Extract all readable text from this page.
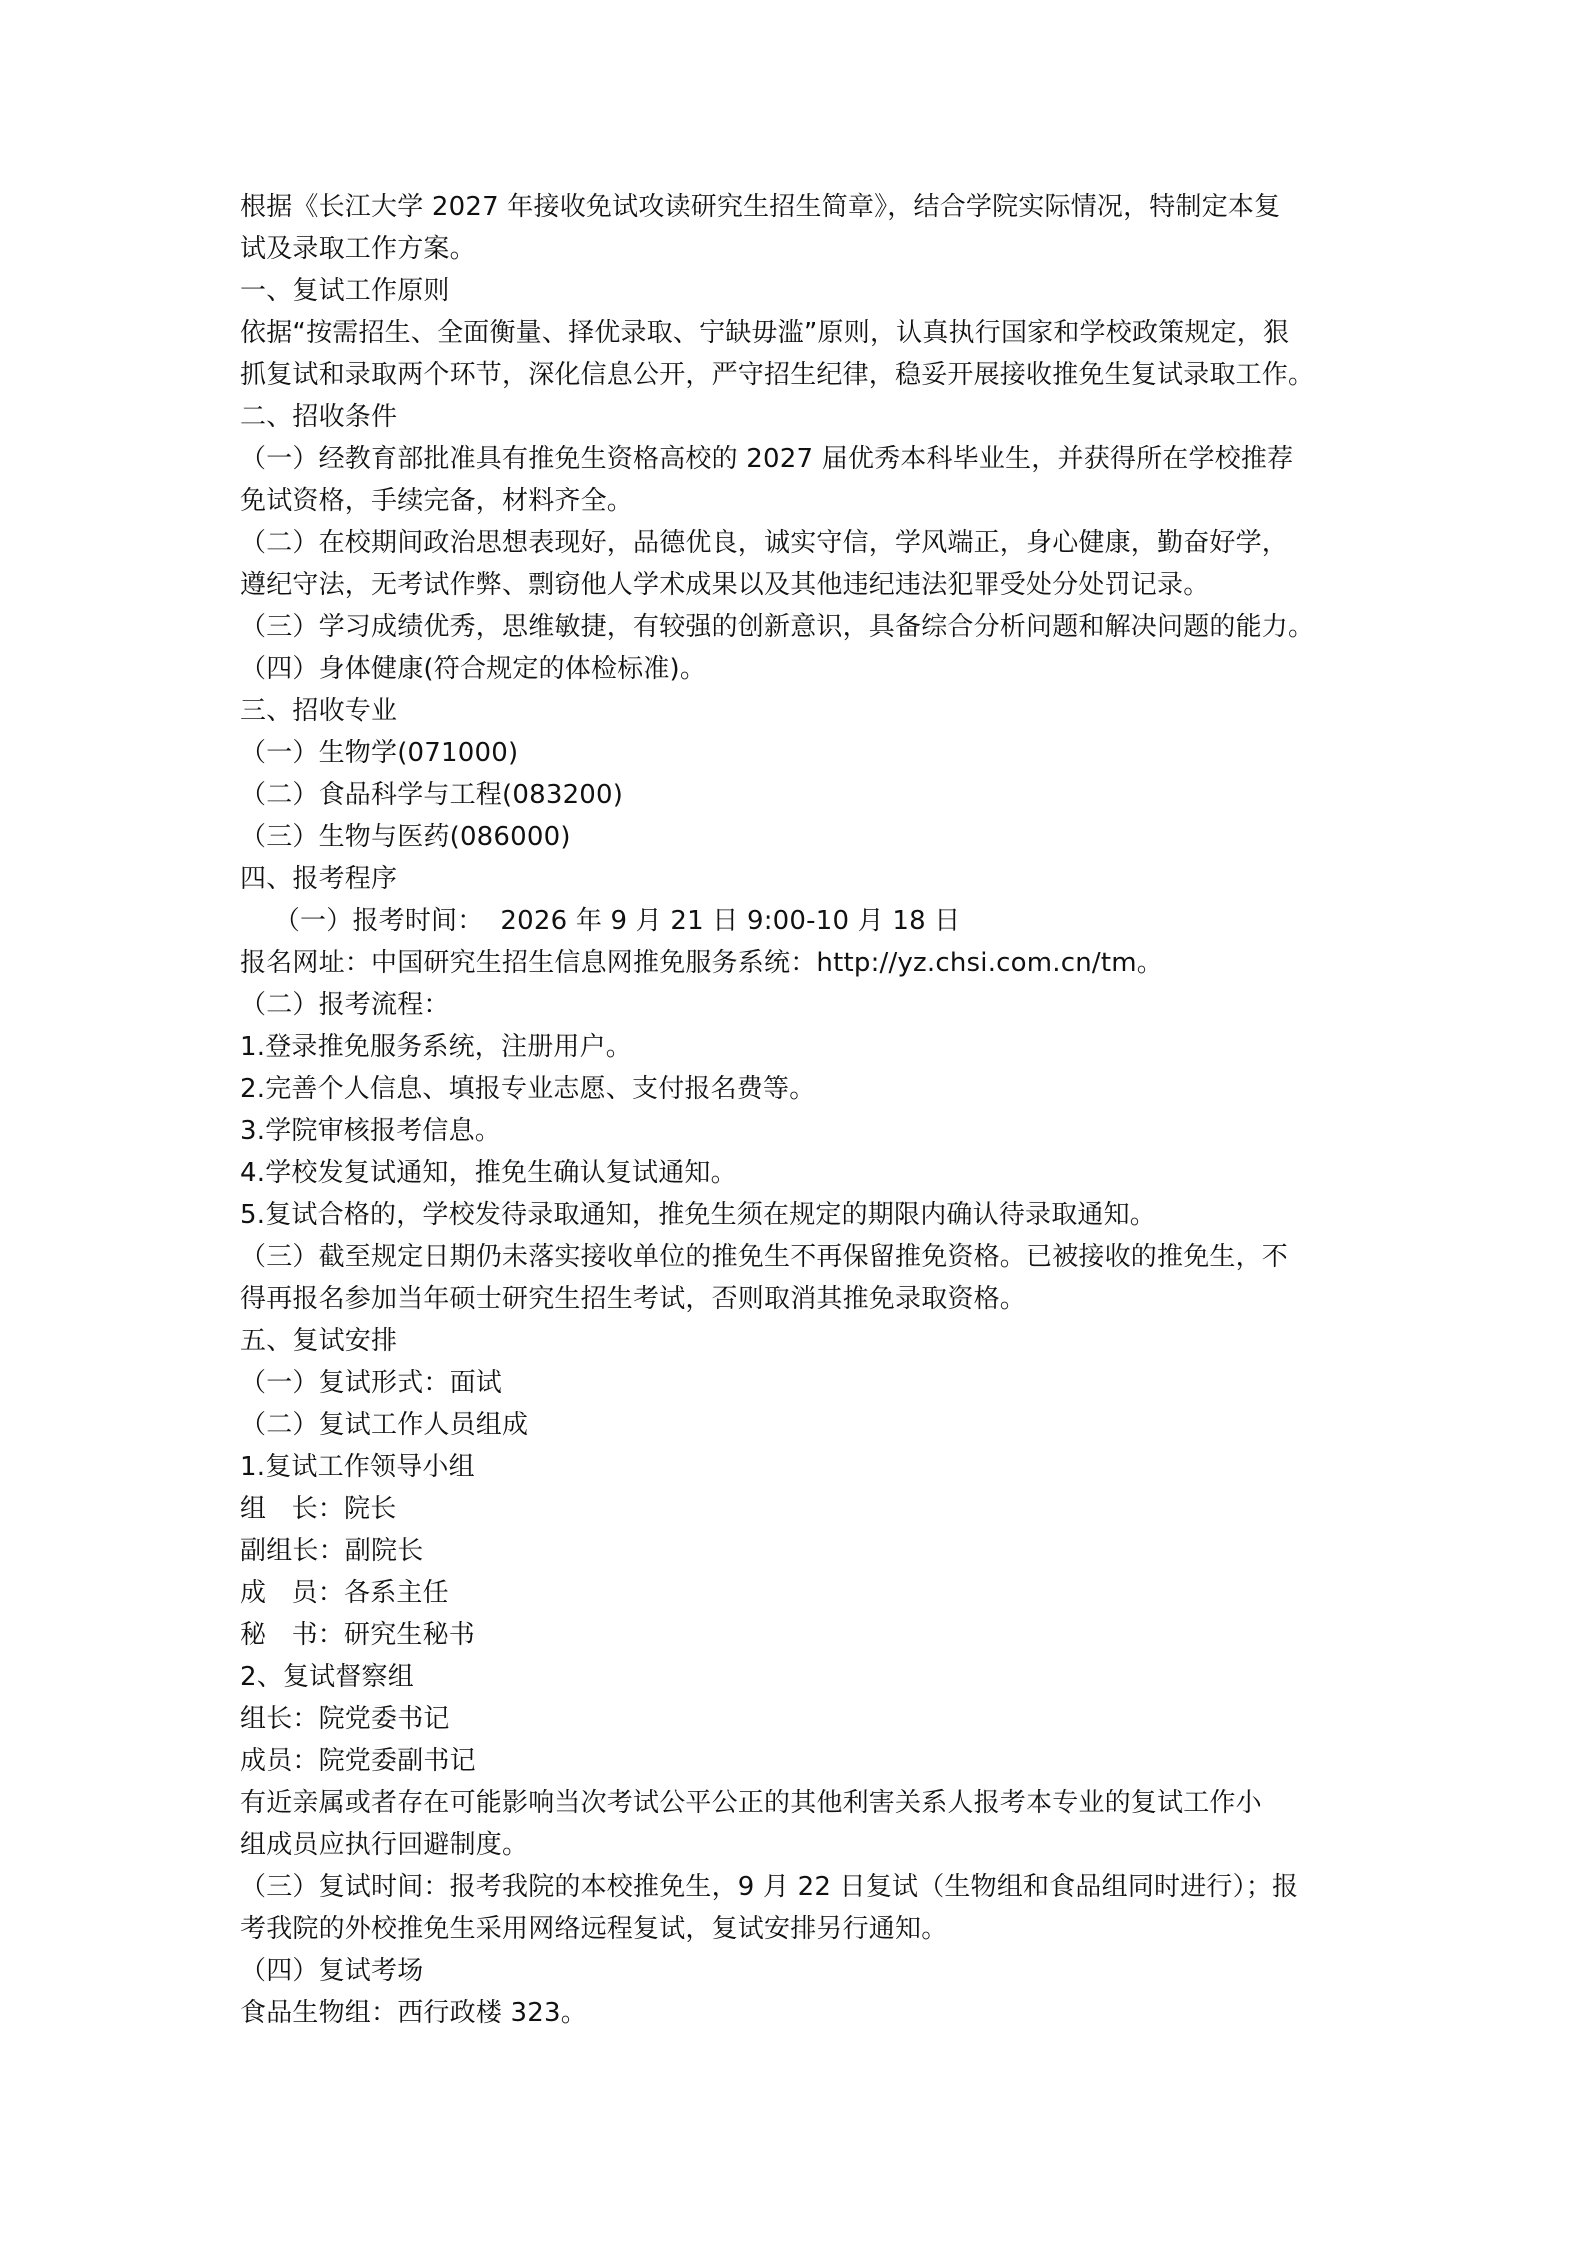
根据《长江大学 2027 年接收免试攻读研究生招生简章》，结合学院实际情况，特制定本复
试及录取工作方案。
一、复试工作原则
依据“按需招生、全面衡量、择优录取、宁缺毋滥”原则，认真执行国家和学校政策规定，狠
抓复试和录取两个环节，深化信息公开，严守招生纪律，稳妥开展接收推免生复试录取工作。
二、招收条件
（一）经教育部批准具有推免生资格高校的 2027 届优秀本科毕业生，并获得所在学校推荐
免试资格，手续完备，材料齐全。
（二）在校期间政治思想表现好，品德优良，诚实守信，学风端正，身心健康，勤奋好学，
遵纪守法，无考试作弊、剽窃他人学术成果以及其他违纪违法犯罪受处分处罚记录。
（三）学习成绩优秀，思维敏捷，有较强的创新意识，具备综合分析问题和解决问题的能力。
（四）身体健康(符合规定的体检标准)。
三、招收专业
（一）生物学(071000)
（二）食品科学与工程(083200)
（三）生物与医药(086000)
四、报考程序
（一）报考时间：  2026 年 9 月 21 日 9:00-10 月 18 日
报名网址：中国研究生招生信息网推免服务系统：http://yz.chsi.com.cn/tm。
（二）报考流程：
1.登录推免服务系统，注册用户。
2.完善个人信息、填报专业志愿、支付报名费等。
3.学院审核报考信息。
4.学校发复试通知，推免生确认复试通知。
5.复试合格的，学校发待录取通知，推免生须在规定的期限内确认待录取通知。
（三）截至规定日期仍未落实接收单位的推免生不再保留推免资格。已被接收的推免生，不
得再报名参加当年硕士研究生招生考试，否则取消其推免录取资格。
五、复试安排
（一）复试形式：面试
（二）复试工作人员组成
1.复试工作领导小组
组   长：院长
副组长：副院长
成   员：各系主任
秘   书：研究生秘书
2、复试督察组
组长：院党委书记
成员：院党委副书记
有近亲属或者存在可能影响当次考试公平公正的其他利害关系人报考本专业的复试工作小
组成员应执行回避制度。
（三）复试时间：报考我院的本校推免生，9 月 22 日复试（生物组和食品组同时进行）；报
考我院的外校推免生采用网络远程复试，复试安排另行通知。
（四）复试考场
食品生物组：西行政楼 323。
